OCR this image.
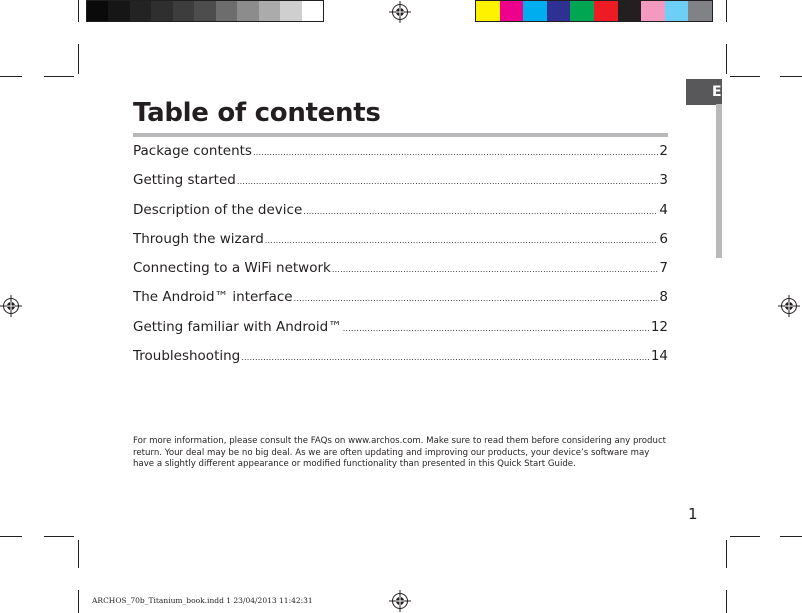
E
Table of contents
Package contents .....	2
Getting started .....	3
Description of the device .....	4
Through the wizard .....	6
Connecting to a WiFi network .....	7
The Android™ interface .....	8
Getting familiar with Android™ .....	12
Troubleshooting .....	14
For more information, please consult the FAQs on www.archos.com. Make sure to read them before considering any product return. Your deal may be no big deal. As we are often updating and improving our products, your device’s software may have a slightly different appearance or modified functionality than presented in this Quick Start Guide.
1
ARCHOS_70b_Titanium_book.indd 1 23/04/2013 11:42:31
